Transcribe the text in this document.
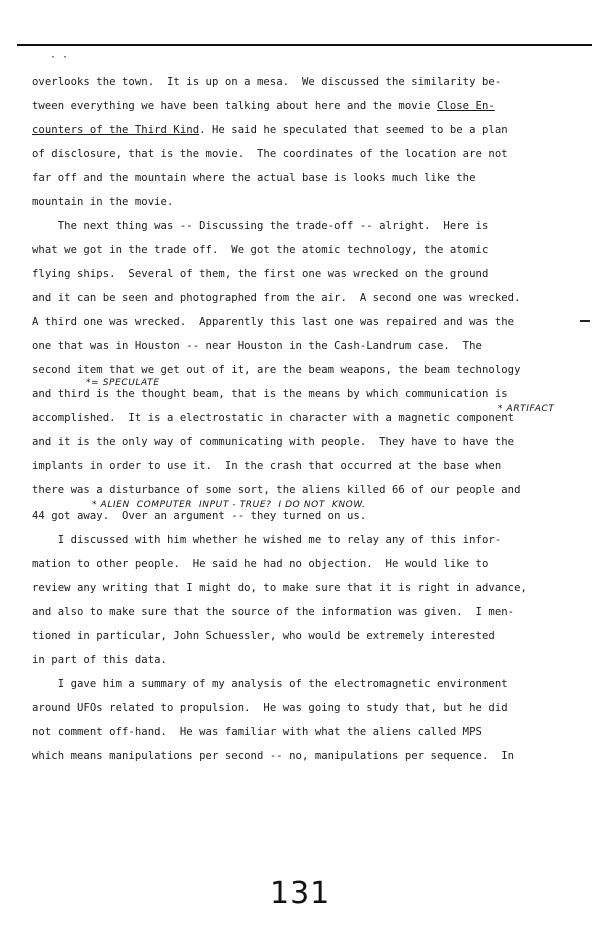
· ·
overlooks the town.  It is up on a mesa.  We discussed the similarity be-
tween everything we have been talking about here and the movie Close En-
counters of the Third Kind. He said he speculated that seemed to be a plan
of disclosure, that is the movie.  The coordinates of the location are not
far off and the mountain where the actual base is looks much like the
mountain in the movie.
The next thing was -- Discussing the trade-off -- alright.  Here is
what we got in the trade off.  We got the atomic technology, the atomic
flying ships.  Several of them, the first one was wrecked on the ground
and it can be seen and photographed from the air.  A second one was wrecked.
A third one was wrecked.  Apparently this last one was repaired and was the
one that was in Houston -- near Houston in the Cash-Landrum case.  The
second item that we get out of it, are the beam weapons, the beam technology
and third is the thought beam, that is the means by which communication is
accomplished.  It is a electrostatic in character with a magnetic component
and it is the only way of communicating with people.  They have to have the
implants in order to use it.  In the crash that occurred at the base when
there was a disturbance of some sort, the aliens killed 66 of our people and
44 got away.  Over an argument -- they turned on us.
I discussed with him whether he wished me to relay any of this infor-
mation to other people.  He said he had no objection.  He would like to
review any writing that I might do, to make sure that it is right in advance,
and also to make sure that the source of the information was given.  I men-
tioned in particular, John Schuessler, who would be extremely interested
in part of this data.
I gave him a summary of my analysis of the electromagnetic environment
around UFOs related to propulsion.  He was going to study that, but he did
not comment off-hand.  He was familiar with what the aliens called MPS
which means manipulations per second -- no, manipulations per sequence.  In
*= SPECULATE
* ARTIFACT
* ALIEN  COMPUTER  INPUT - TRUE?  I DO NOT  KNOW.
131
